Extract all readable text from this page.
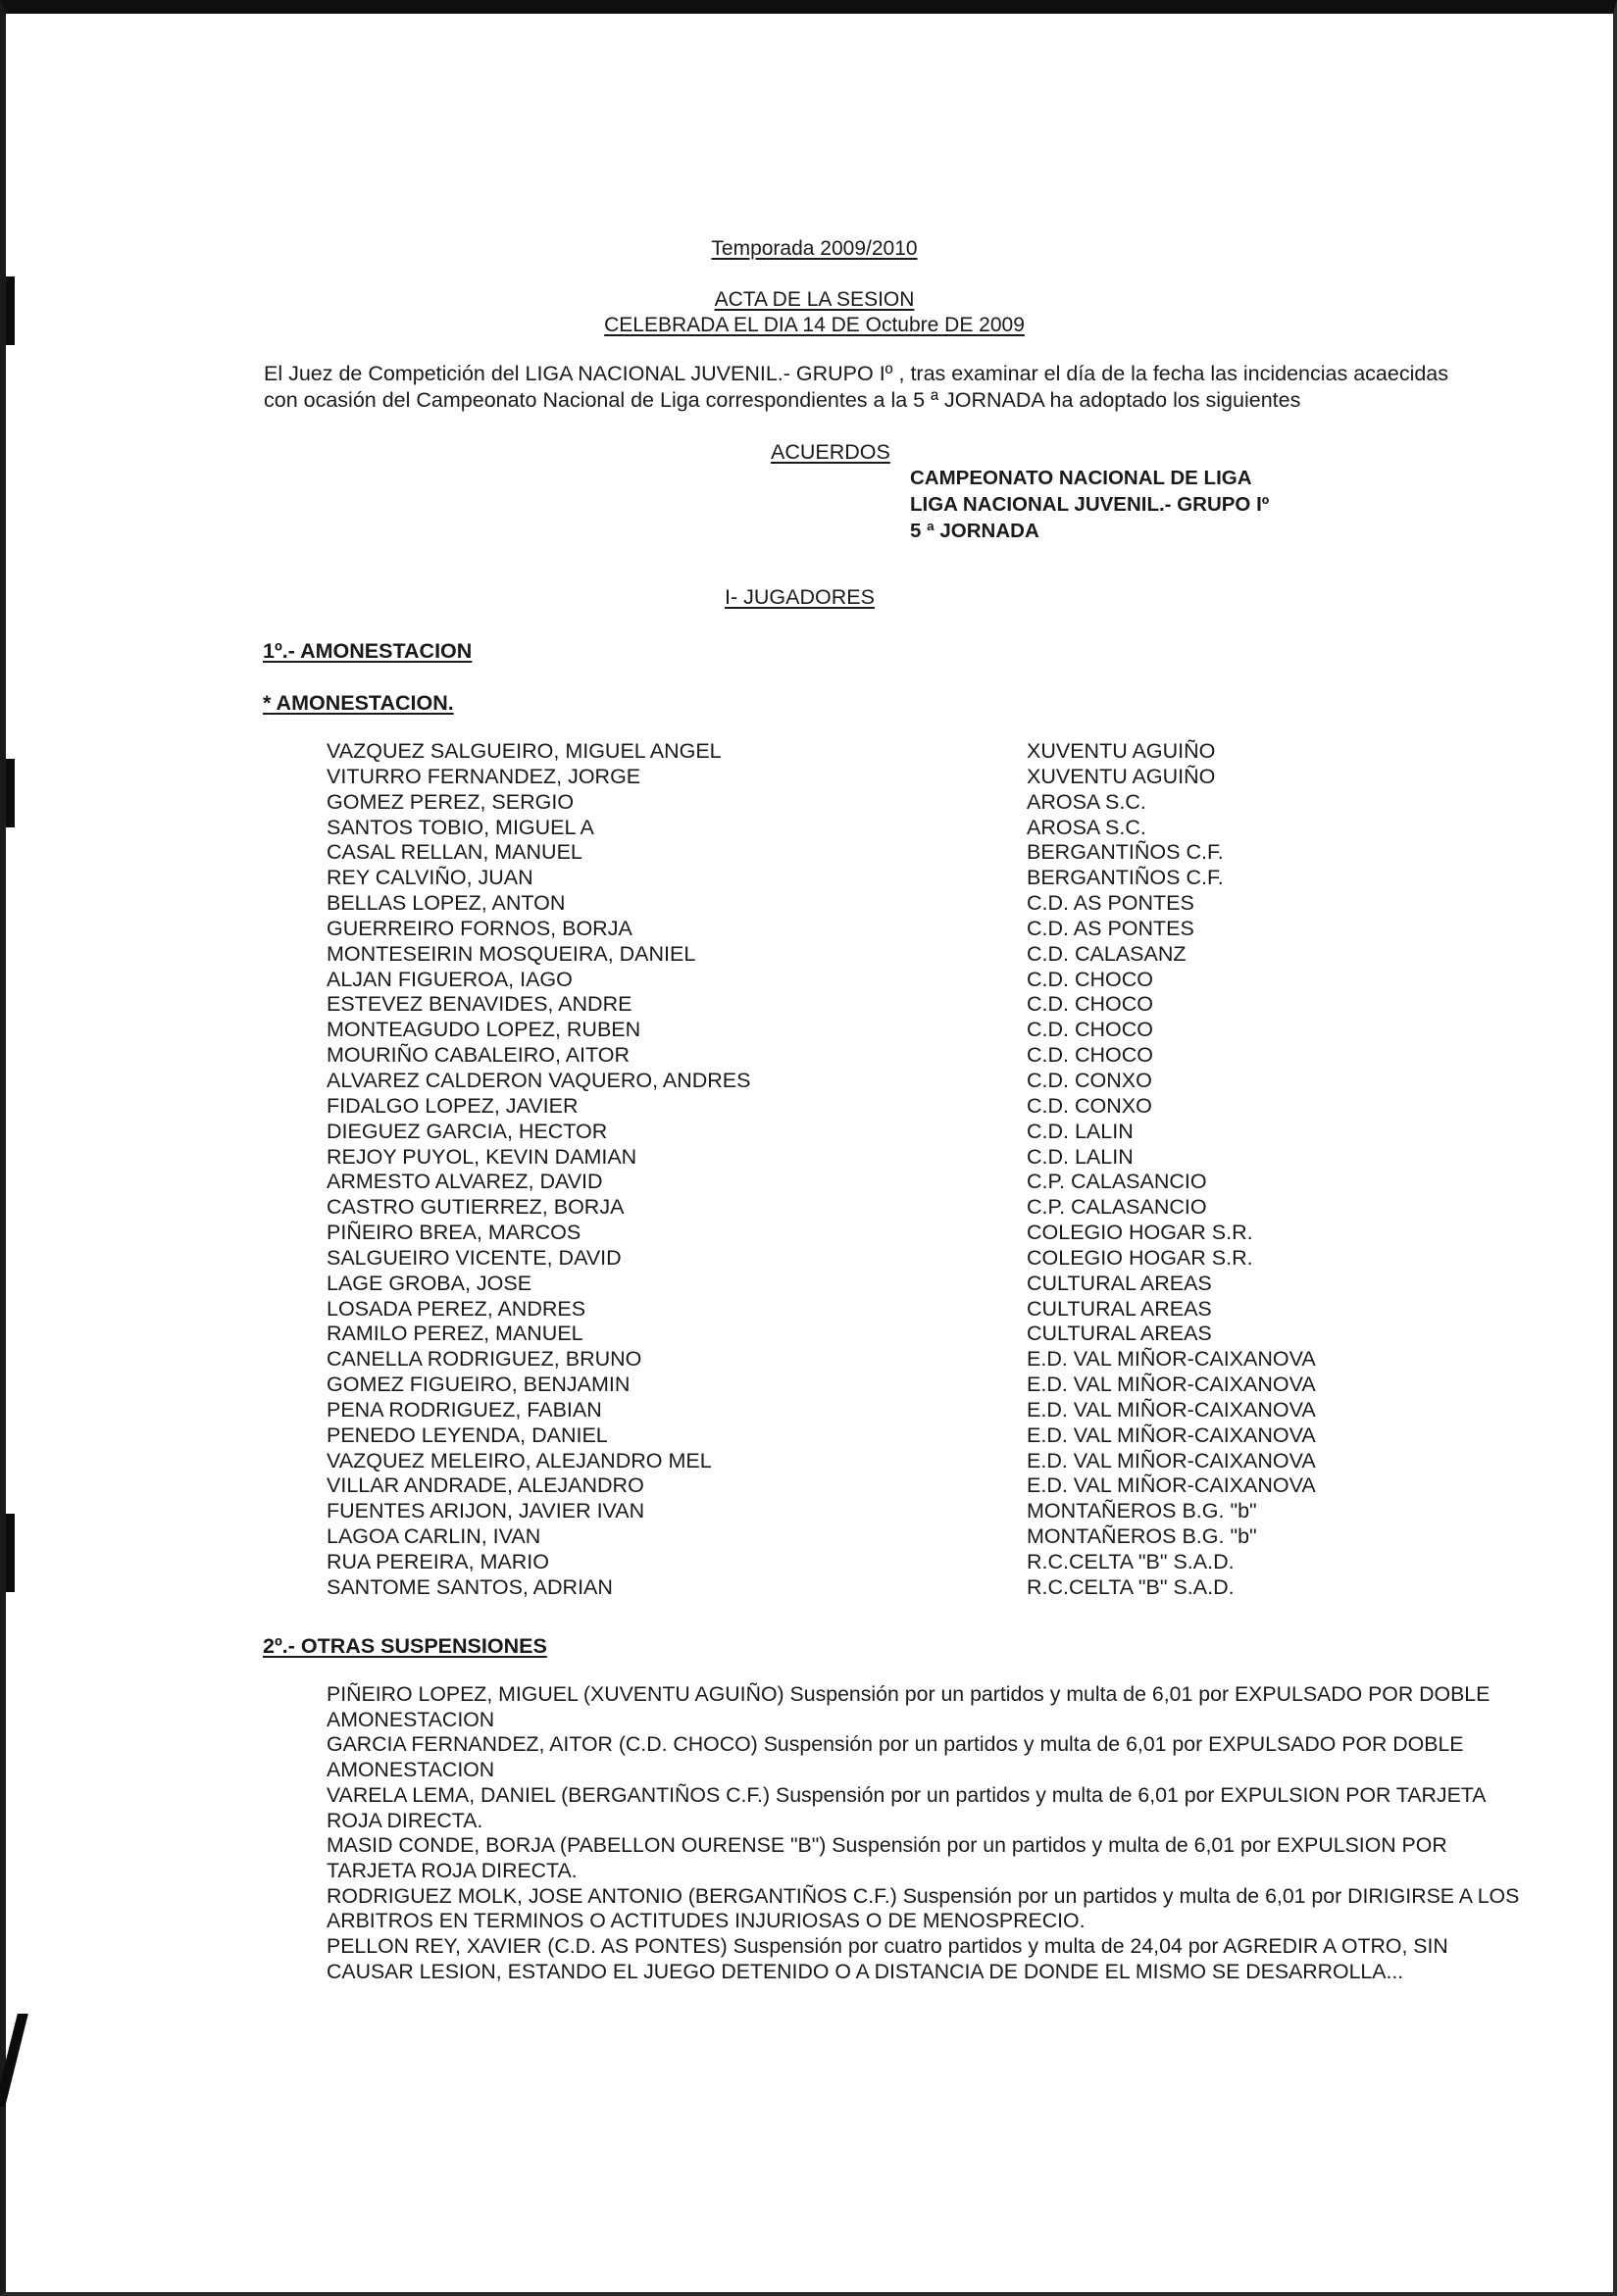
Temporada 2009/2010
ACTA DE LA SESION
CELEBRADA EL DIA 14 DE Octubre DE 2009
El Juez de Competición del LIGA NACIONAL JUVENIL.- GRUPO Iº , tras examinar el día de la fecha las incidencias acaecidas con ocasión del Campeonato Nacional de Liga correspondientes a la 5 ª JORNADA ha adoptado los siguientes
ACUERDOS
CAMPEONATO NACIONAL DE LIGA
LIGA NACIONAL JUVENIL.- GRUPO Iº
5 ª JORNADA
I- JUGADORES
1º.- AMONESTACION
* AMONESTACION.
VAZQUEZ SALGUEIRO, MIGUEL ANGEL	XUVENTU AGUIÑO
VITURRO FERNANDEZ, JORGE	XUVENTU AGUIÑO
GOMEZ PEREZ, SERGIO	AROSA S.C.
SANTOS TOBIO, MIGUEL A	AROSA S.C.
CASAL RELLAN, MANUEL	BERGANTIÑOS C.F.
REY CALVIÑO, JUAN	BERGANTIÑOS C.F.
BELLAS LOPEZ, ANTON	C.D. AS PONTES
GUERREIRO FORNOS, BORJA	C.D. AS PONTES
MONTESEIRIN MOSQUEIRA, DANIEL	C.D. CALASANZ
ALJAN FIGUEROA, IAGO	C.D. CHOCO
ESTEVEZ BENAVIDES, ANDRE	C.D. CHOCO
MONTEAGUDO LOPEZ, RUBEN	C.D. CHOCO
MOURIÑO CABALEIRO, AITOR	C.D. CHOCO
ALVAREZ CALDERON VAQUERO, ANDRES	C.D. CONXO
FIDALGO LOPEZ, JAVIER	C.D. CONXO
DIEGUEZ GARCIA, HECTOR	C.D. LALIN
REJOY PUYOL, KEVIN DAMIAN	C.D. LALIN
ARMESTO ALVAREZ, DAVID	C.P. CALASANCIO
CASTRO GUTIERREZ, BORJA	C.P. CALASANCIO
PIÑEIRO BREA, MARCOS	COLEGIO HOGAR S.R.
SALGUEIRO VICENTE, DAVID	COLEGIO HOGAR S.R.
LAGE GROBA, JOSE	CULTURAL AREAS
LOSADA PEREZ, ANDRES	CULTURAL AREAS
RAMILO PEREZ, MANUEL	CULTURAL AREAS
CANELLA RODRIGUEZ, BRUNO	E.D. VAL MIÑOR-CAIXANOVA
GOMEZ FIGUEIRO, BENJAMIN	E.D. VAL MIÑOR-CAIXANOVA
PENA RODRIGUEZ, FABIAN	E.D. VAL MIÑOR-CAIXANOVA
PENEDO LEYENDA, DANIEL	E.D. VAL MIÑOR-CAIXANOVA
VAZQUEZ MELEIRO, ALEJANDRO MEL	E.D. VAL MIÑOR-CAIXANOVA
VILLAR ANDRADE, ALEJANDRO	E.D. VAL MIÑOR-CAIXANOVA
FUENTES ARIJON, JAVIER IVAN	MONTAÑEROS B.G. "b"
LAGOA CARLIN, IVAN	MONTAÑEROS B.G. "b"
RUA PEREIRA, MARIO	R.C.CELTA "B" S.A.D.
SANTOME SANTOS, ADRIAN	R.C.CELTA "B" S.A.D.
2º.- OTRAS SUSPENSIONES

PIÑEIRO LOPEZ, MIGUEL (XUVENTU AGUIÑO) Suspensión por un partidos y multa de 6,01 por EXPULSADO POR DOBLE AMONESTACION

GARCIA FERNANDEZ, AITOR (C.D. CHOCO) Suspensión por un partidos y multa de 6,01 por EXPULSADO POR DOBLE AMONESTACION

VARELA LEMA, DANIEL (BERGANTIÑOS C.F.) Suspensión por un partidos y multa de 6,01 por EXPULSION POR TARJETA ROJA DIRECTA.

MASID CONDE, BORJA (PABELLON OURENSE "B") Suspensión por un partidos y multa de 6,01 por EXPULSION POR TARJETA ROJA DIRECTA.

RODRIGUEZ MOLK, JOSE ANTONIO (BERGANTIÑOS C.F.) Suspensión por un partidos y multa de 6,01 por DIRIGIRSE A LOS ARBITROS EN TERMINOS O ACTITUDES INJURIOSAS O DE MENOSPRECIO.

PELLON REY, XAVIER (C.D. AS PONTES) Suspensión por cuatro partidos y multa de 24,04 por AGREDIR A OTRO, SIN CAUSAR LESION, ESTANDO EL JUEGO DETENIDO O A DISTANCIA DE DONDE EL MISMO SE DESARROLLA...
